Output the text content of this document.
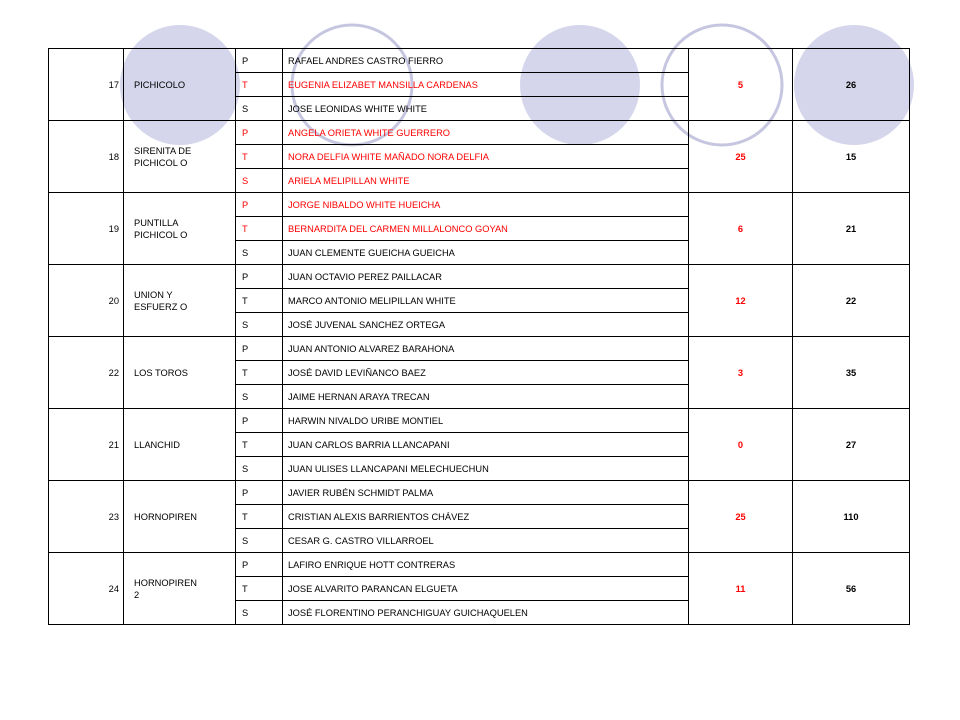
17	PICHICOLO	P	RAFAEL ANDRES CASTRO FIERRO	5	26
		T	EUGENIA ELIZABET MANSILLA CARDENAS		
		S	JOSE LEONIDAS WHITE WHITE		
18	SIRENITA DE PICHICOL O	P	ANGELA ORIETA WHITE GUERRERO	25	15
		T	NORA DELFIA WHITE MAÑADO NORA DELFIA		
		S	ARIELA MELIPILLAN WHITE		
19	PUNTILLA PICHICOL O	P	JORGE NIBALDO WHITE HUEICHA	6	21
		T	BERNARDITA DEL CARMEN MILLALONCO GOYAN		
		S	JUAN CLEMENTE GUEICHA GUEICHA		
20	UNION Y ESFUERZ O	P	JUAN OCTAVIO PEREZ PAILLACAR	12	22
		T	MARCO ANTONIO MELIPILLAN WHITE		
		S	JOSÉ JUVENAL SANCHEZ ORTEGA		
22	LOS TOROS	P	JUAN ANTONIO ALVAREZ BARAHONA	3	35
		T	JOSÉ DAVID LEVIÑANCO BAEZ		
		S	JAIME HERNAN ARAYA TRECAN		
21	LLANCHID	P	HARWIN NIVALDO URIBE MONTIEL	0	27
		T	JUAN CARLOS BARRIA LLANCAPANI		
		S	JUAN ULISES LLANCAPANI MELECHUECHUN		
23	HORNOPIREN	P	JAVIER RUBÉN SCHMIDT PALMA	25	110
		T	CRISTIAN ALEXIS BARRIENTOS CHÁVEZ		
		S	CESAR G. CASTRO VILLARROEL		
24	HORNOPIREN 2	P	LAFIRO ENRIQUE HOTT CONTRERAS	11	56
		T	JOSE ALVARITO PARANCAN ELGUETA		
		S	JOSÉ FLORENTINO PERANCHIGUAY GUICHAQUELEN		
